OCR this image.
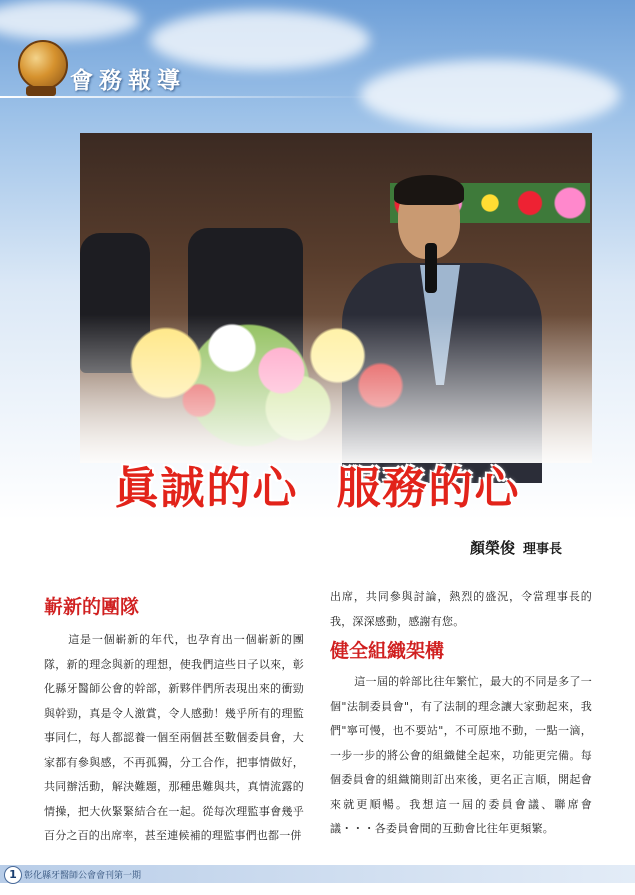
會務報導
眞誠的心 服務的心
顏榮俊 理事長
嶄新的團隊
這是一個嶄新的年代，也孕育出一個嶄新的團隊，新的理念與新的理想，使我們這些日子以來，彰化縣牙醫師公會的幹部，新夥伴們所表現出來的衝勁與幹勁，真是令人激賞，令人感動！幾乎所有的理監事同仁，每人都認養一個至兩個甚至數個委員會，大家都有參與感，不再孤獨，分工合作，把事情做好，共同辦活動，解決難題，那種患難與共，真情流露的情操，把大伙緊緊結合在一起。從每次理監事會幾乎百分之百的出席率，甚至連候補的理監事們也都一併
出席，共同參與討論，熱烈的盛況，令當理事長的我，深深感動，感謝有您。
健全組織架構
這一屆的幹部比往年繁忙，最大的不同是多了一個"法制委員會"，有了法制的理念讓大家動起來，我們"寧可慢，也不要站"，不可原地不動，一點一滴，一步一步的將公會的組織健全起來，功能更完備。每個委員會的組織簡則訂出來後，更名正言順，開起會來就更順暢。我想這一屆的委員會議、聯席會議・・・各委員會間的互動會比往年更頻繁。
1 彰化縣牙醫師公會會刊第一期
